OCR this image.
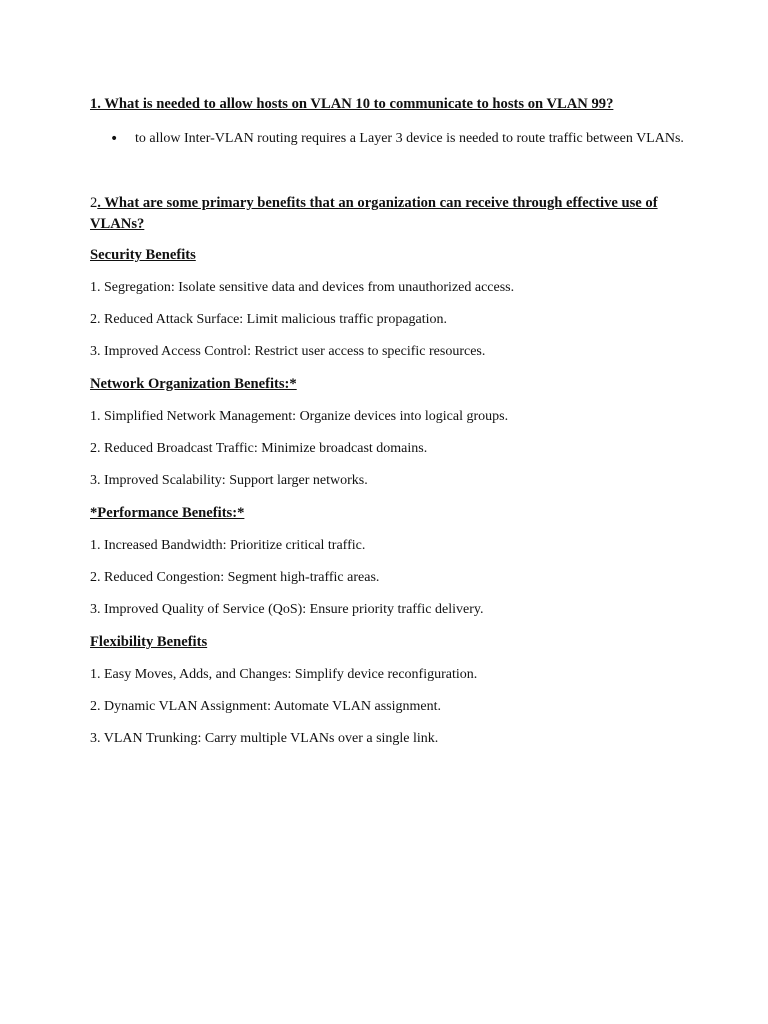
1. What is needed to allow hosts on VLAN 10 to communicate to hosts on VLAN 99?

• to allow Inter-VLAN routing requires a Layer 3 device is needed to route traffic between VLANs.

2. What are some primary benefits that an organization can receive through effective use of VLANs?

Security Benefits

1. Segregation: Isolate sensitive data and devices from unauthorized access.

2. Reduced Attack Surface: Limit malicious traffic propagation.

3. Improved Access Control: Restrict user access to specific resources.

Network Organization Benefits:*

1. Simplified Network Management: Organize devices into logical groups.

2. Reduced Broadcast Traffic: Minimize broadcast domains.

3. Improved Scalability: Support larger networks.

*Performance Benefits:*

1. Increased Bandwidth: Prioritize critical traffic.

2. Reduced Congestion: Segment high-traffic areas.

3. Improved Quality of Service (QoS): Ensure priority traffic delivery.

Flexibility Benefits

1. Easy Moves, Adds, and Changes: Simplify device reconfiguration.

2. Dynamic VLAN Assignment: Automate VLAN assignment.

3. VLAN Trunking: Carry multiple VLANs over a single link.
